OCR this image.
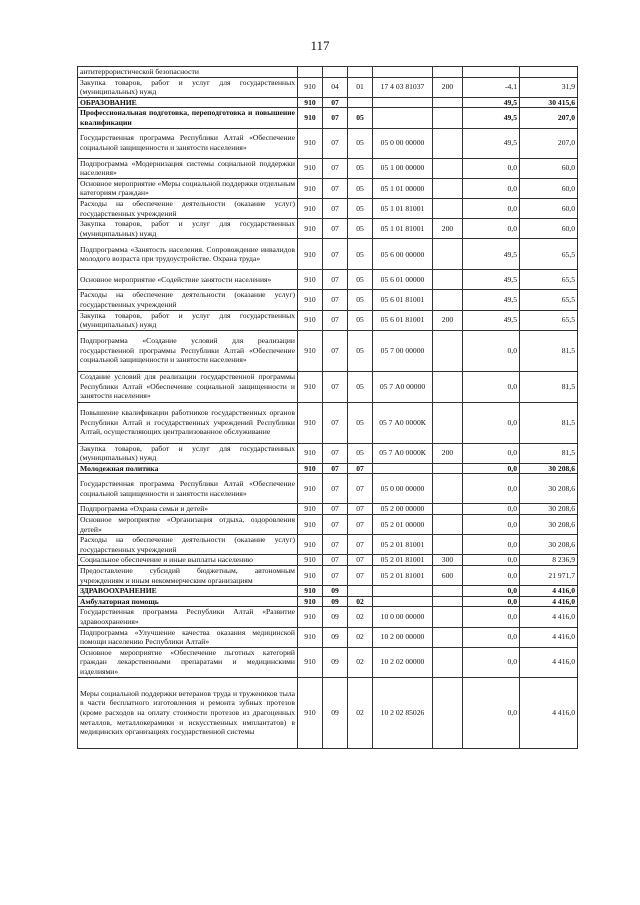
117
антитеррористической безопасности							
Закупка товаров, работ и услуг для государственных (муниципальных) нужд	910	04	01	17 4 03 81037	200	-4,1	31,9
ОБРАЗОВАНИЕ	910	07				49,5	30 415,6
Профессиональная подготовка, переподготовка и повышение квалификации	910	07	05			49,5	207,0
Государственная программа Республики Алтай «Обеспечение социальной защищенности и занятости населения»	910	07	05	05 0 00 00000		49,5	207,0
Подпрограмма «Модернизация системы социальной поддержки населения»	910	07	05	05 1 00 00000		0,0	60,0
Основное мероприятие «Меры социальной поддержки отдельным категориям граждан»	910	07	05	05 1 01 00000		0,0	60,0
Расходы на обеспечение деятельности (оказание услуг) государственных учреждений	910	07	05	05 1 01 81001		0,0	60,0
Закупка товаров, работ и услуг для государственных (муниципальных) нужд	910	07	05	05 1 01 81001	200	0,0	60,0
Подпрограмма «Занятость населения. Сопровождение инвалидов молодого возраста при трудоустройстве. Охрана труда»	910	07	05	05 6 00 00000		49,5	65,5
Основное мероприятие «Содействие занятости населения»	910	07	05	05 6 01 00000		49,5	65,5
Расходы на обеспечение деятельности (оказание услуг) государственных учреждений	910	07	05	05 6 01 81001		49,5	65,5
Закупка товаров, работ и услуг для государственных (муниципальных) нужд	910	07	05	05 6 01 81001	200	49,5	65,5
Подпрограмма «Создание условий для реализации государственной программы Республики Алтай «Обеспечение социальной защищенности и занятости населения»	910	07	05	05 7 00 00000		0,0	81,5
Создание условий для реализации государственной программы Республики Алтай «Обеспечение социальной защищенности и занятости населения»	910	07	05	05 7 А0 00000		0,0	81,5
Повышение квалификации работников государственных органов Республики Алтай и государственных учреждений Республики Алтай, осуществляющих централизованное обслуживание	910	07	05	05 7 А0 0000К		0,0	81,5
Закупка товаров, работ и услуг для государственных (муниципальных) нужд	910	07	05	05 7 А0 0000К	200	0,0	81,5
Молодежная политика	910	07	07			0,0	30 208,6
Государственная программа Республики Алтай «Обеспечение социальной защищенности и занятости населения»	910	07	07	05 0 00 00000		0,0	30 208,6
Подпрограмма «Охрана семьи и детей»	910	07	07	05 2 00 00000		0,0	30 208,6
Основное мероприятие «Организация отдыха, оздоровления детей»	910	07	07	05 2 01 00000		0,0	30 208,6
Расходы на обеспечение деятельности (оказание услуг) государственных учреждений	910	07	07	05 2 01 81001		0,0	30 208,6
Социальное обеспечение и иные выплаты населению	910	07	07	05 2 01 81001	300	0,0	8 236,9
Предоставление субсидий бюджетным, автономным учреждениям и иным некоммерческим организациям	910	07	07	05 2 01 81001	600	0,0	21 971,7
ЗДРАВООХРАНЕНИЕ	910	09				0,0	4 416,0
Амбулаторная помощь	910	09	02			0,0	4 416,0
Государственная программа Республики Алтай «Развитие здравоохранения»	910	09	02	10 0 00 00000		0,0	4 416,0
Подпрограмма «Улучшение качества оказания медицинской помощи населению Республики Алтай»	910	09	02	10 2 00 00000		0,0	4 416,0
Основное мероприятие «Обеспечение льготных категорий граждан лекарственными препаратами и медицинскими изделиями»	910	09	02	10 2 02 00000		0,0	4 416,0
Меры социальной поддержки ветеранов труда и тружеников тыла в части бесплатного изготовления и ремонта зубных протезов (кроме расходов на оплату стоимости протезов из драгоценных металлов, металлокерамики и искусственных имплантатов) в медицинских организациях государственной системы	910	09	02	10 2 02 85026		0,0	4 416,0
